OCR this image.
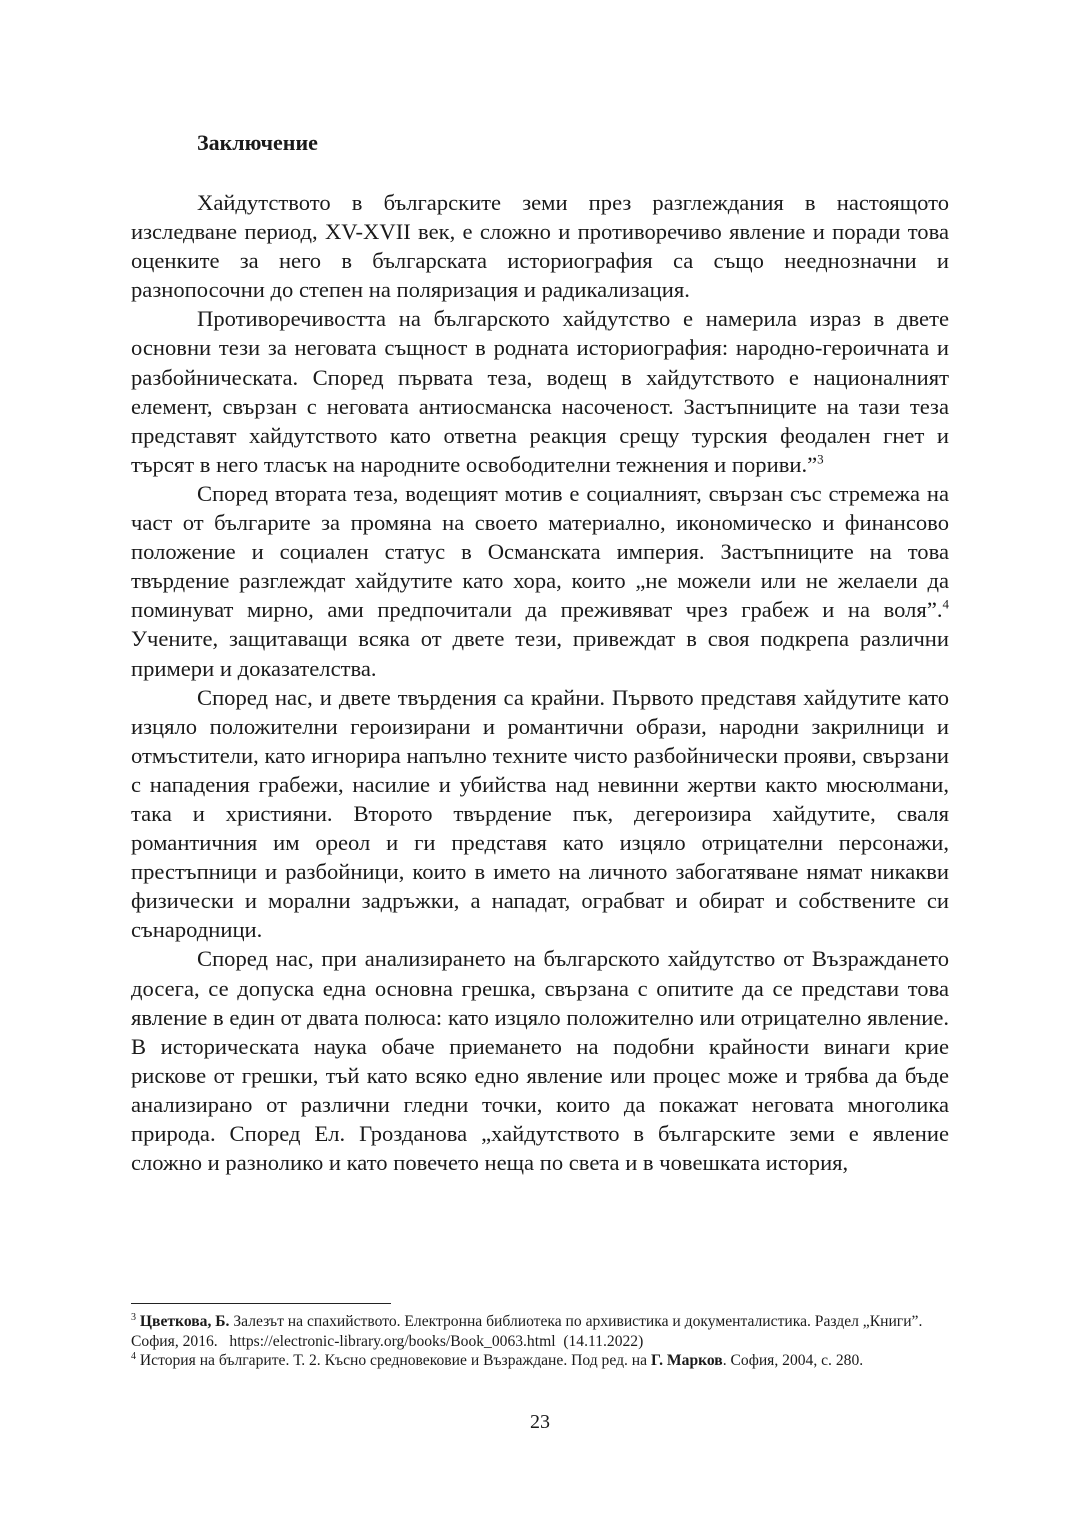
Заключение

Хайдутството в българските земи през разглеждания в настоящото изследване период, XV-XVII век, е сложно и противоречиво явление и поради това оценките за него в българската историография са също нееднозначни и разнопосочни до степен на поляризация и радикализация.

Противоречивостта на българското хайдутство е намерила израз в двете основни тези за неговата същност в родната историография: народно-героичната и разбойническата. Според първата теза, водещ в хайдутството е националният елемент, свързан с неговата антиосманска насоченост. Застъпниците на тази теза представят хайдутството като ответна реакция срещу турския феодален гнет и търсят в него тласък на народните освободителни тежнения и пориви.”$^3$

Според втората теза, водещият мотив е социалният, свързан със стремежа на част от българите за промяна на своето материално, икономическо и финансово положение и социален статус в Османската империя. Застъпниците на това твърдение разглеждат хайдутите като хора, които „не можели или не желаели да поминуват мирно, ами предпочитали да преживяват чрез грабеж и на воля”.$^4$  Учените, защитаващи всяка от двете тези, привеждат в своя подкрепа различни примери и доказателства.

Според нас, и двете твърдения са крайни. Първото представя хайдутите като изцяло положителни героизирани и романтични образи, народни закрилници и отмъстители, като игнорира напълно техните чисто разбойнически прояви, свързани с нападения грабежи, насилие и убийства над невинни жертви както мюсюлмани, така и християни. Второто твърдение пък, дегероизира хайдутите, сваля романтичния им ореол и ги представя като изцяло отрицателни персонажи, престъпници и разбойници, които в името на личното забогатяване нямат никакви физически и морални задръжки, а нападат, ограбват и обират и собствените си сънародници.

Според нас, при анализирането на българското хайдутство от Възраждането досега, се допуска една основна грешка, свързана с опитите да се представи това явление в един от двата полюса: като изцяло положително или отрицателно явление. В историческата наука обаче приемането на подобни крайности винаги крие рискове от грешки, тъй като всяко едно явление или процес може и трябва да бъде анализирано от различни гледни точки, които да покажат неговата многолика природа. Според Ел. Грозданова „хайдутството в българските земи е явление сложно и разнолико и като повечето неща по света и в човешката история,

$^3$ Цветкова, Б. Залезът на спахийството. Електронна библиотека по архивистика и документалистика. Раздел „Книги”. София, 2016.   https://electronic-library.org/books/Book_0063.html  (14.11.2022)

$^4$ История на българите. Т. 2. Късно средновековие и Възраждане. Под ред. на Г. Марков. София, 2004, с. 280.

23
